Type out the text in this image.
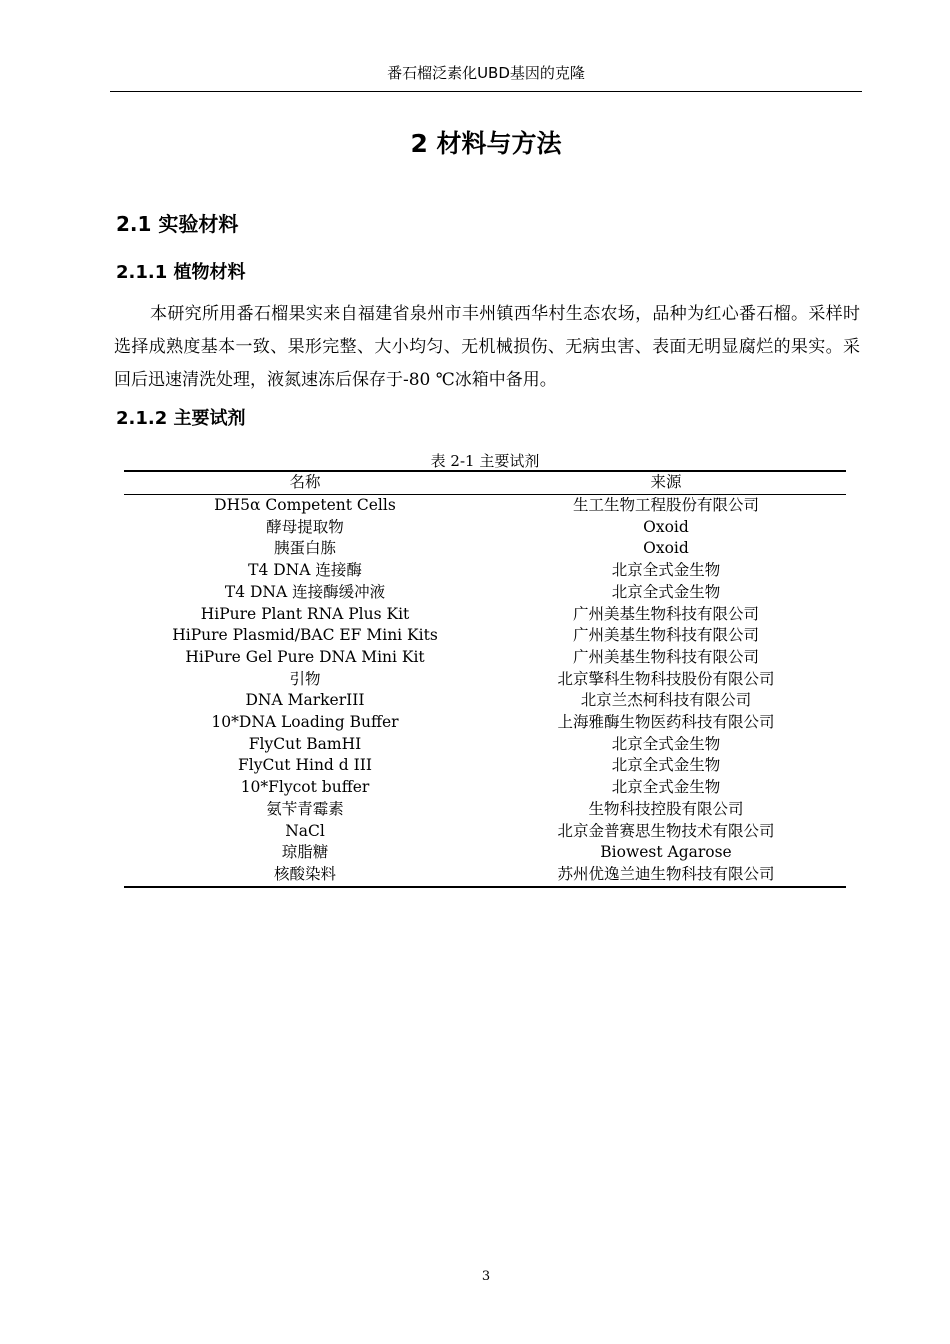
番石榴泛素化UBD基因的克隆
2 材料与方法
2.1 实验材料
2.1.1 植物材料

本研究所用番石榴果实来自福建省泉州市丰州镇西华村生态农场，品种为红心番石榴。采样时选择成熟度基本一致、果形完整、大小均匀、无机械损伤、无病虫害、表面无明显腐烂的果实。采回后迅速清洗处理，液氮速冻后保存于-80 ℃冰箱中备用。

2.1.2 主要试剂
表 2-1 主要试剂
名称	来源
DH5α Competent Cells	生工生物工程股份有限公司
酵母提取物	Oxoid
胰蛋白胨	Oxoid
T4 DNA 连接酶	北京全式金生物
T4 DNA 连接酶缓冲液	北京全式金生物
HiPure Plant RNA Plus Kit	广州美基生物科技有限公司
HiPure Plasmid/BAC EF Mini Kits	广州美基生物科技有限公司
HiPure Gel Pure DNA Mini Kit	广州美基生物科技有限公司
引物	北京擎科生物科技股份有限公司
DNA MarkerIII	北京兰杰柯科技有限公司
10*DNA Loading Buffer	上海雅酶生物医药科技有限公司
FlyCut BamHI	北京全式金生物
FlyCut Hind d III	北京全式金生物
10*Flycot buffer	北京全式金生物
氨苄青霉素	生物科技控股有限公司
NaCl	北京金普赛思生物技术有限公司
琼脂糖	Biowest Agarose
核酸染料	苏州优逸兰迪生物科技有限公司
3
